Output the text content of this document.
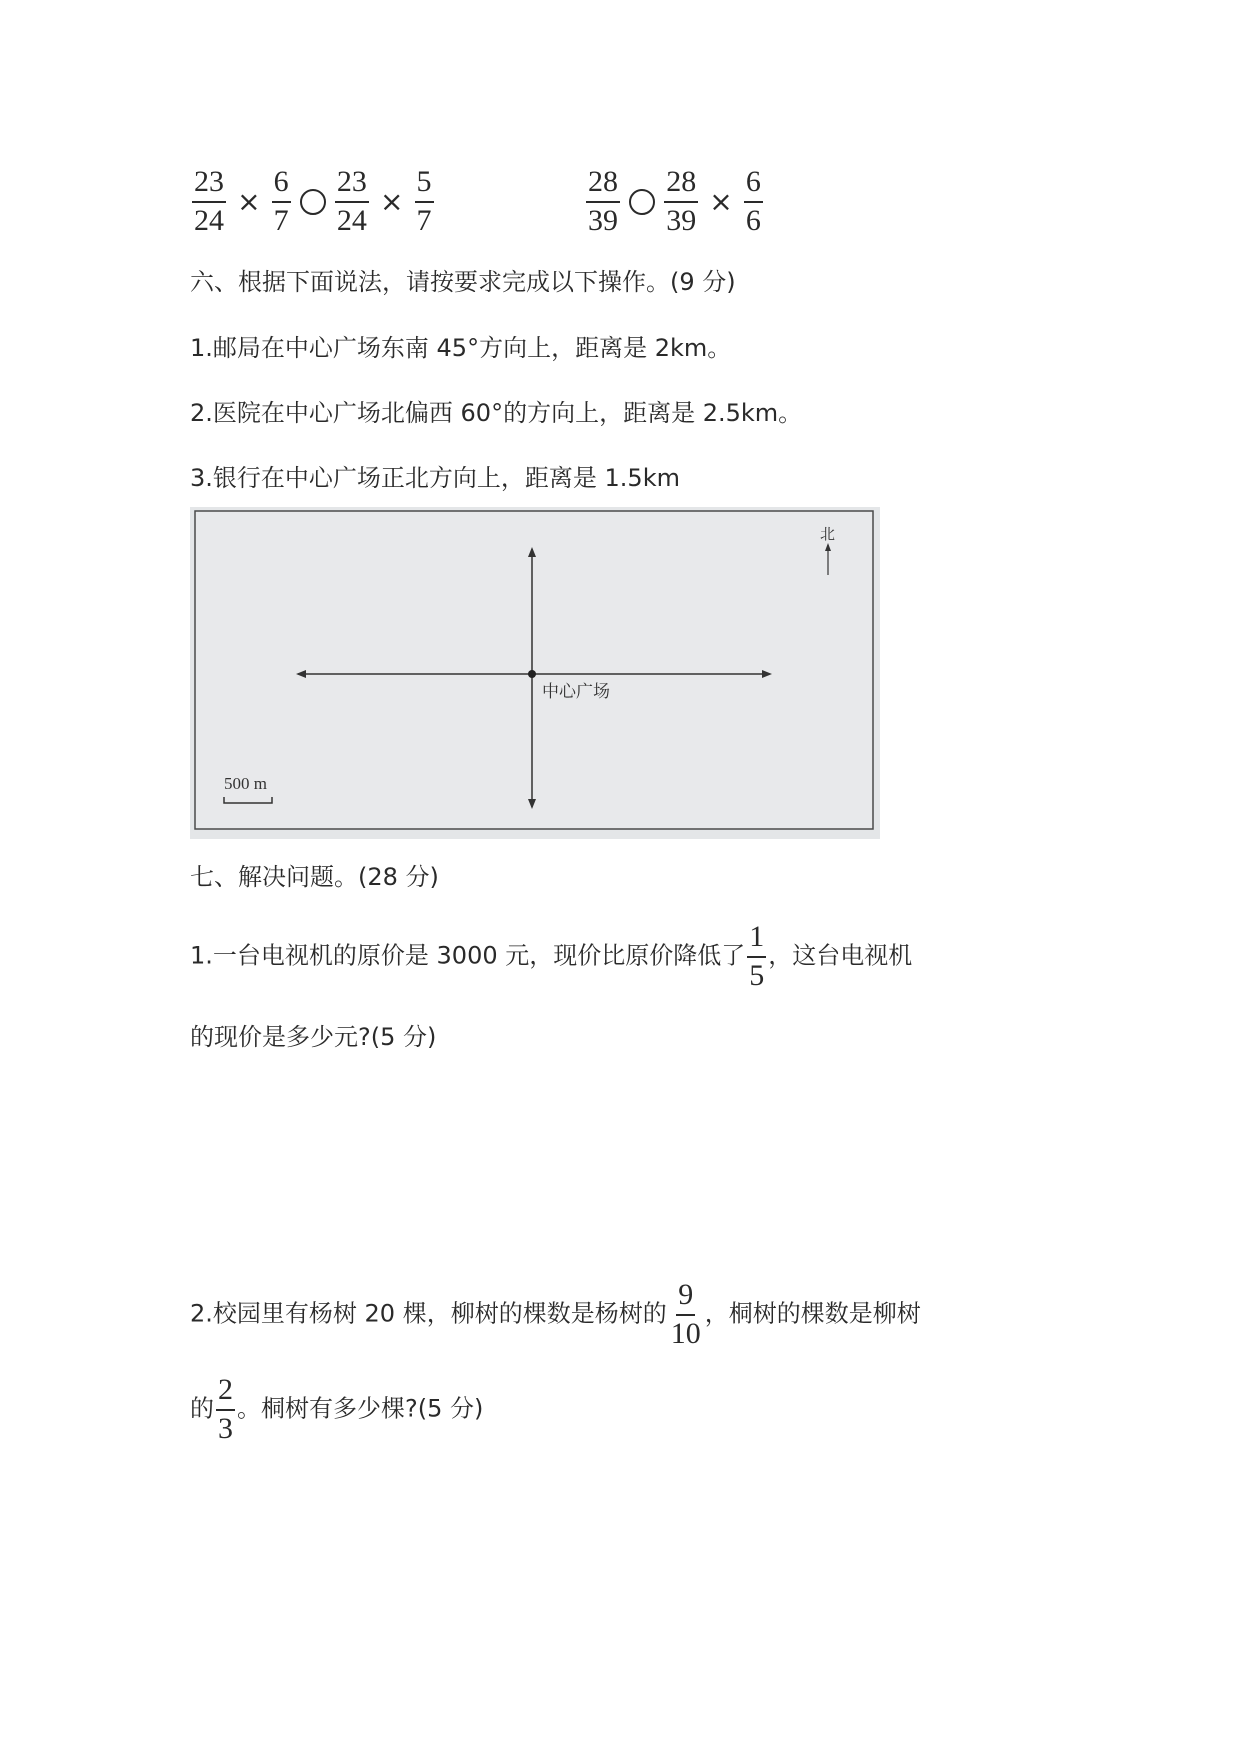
$\frac{23}{24} \times \frac{6}{7}$
$\frac{23}{24} \times \frac{5}{7}$	$\frac{28}{39}$
$\frac{28}{39} \times \frac{6}{6}$
六、根据下面说法，请按要求完成以下操作。(9 分)
1.邮局在中心广场东南 45°方向上，距离是 2km。
2.医院在中心广场北偏西 60°的方向上，距离是 2.5km。
3.银行在中心广场正北方向上，距离是 1.5km
中心广场
北
500 m
七、解决问题。(28 分)
1.一台电视机的原价是 3000 元，现价比原价降低了 $\frac{1}{5}$ ，这台电视机
的现价是多少元?(5 分)
2.校园里有杨树 20 棵，柳树的棵数是杨树的 $\frac{9}{10}$ ，桐树的棵数是柳树
的 $\frac{2}{3}$ 。桐树有多少棵?(5 分)
